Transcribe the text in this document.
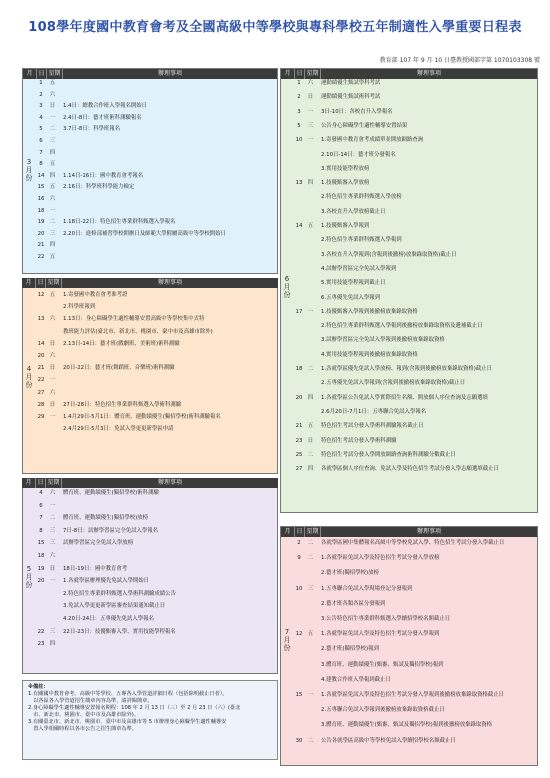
108學年度國中教育會考及全國高級中等學校與專科學校五年制適性入學重要日程表
教育部 107 年 9 月 10 日臺教授國部字第 1070103308 號
月 日 星期	辦理事項	月 日 星期	辦理事項
月 日 星期	辦理事項
月 日 星期	辦理事項
月 日 星期	辦理事項
3月份
4月份
5月份
6月份
7月份
1	五
2	六
3	日	1.4日：總教合作班入學報名開始日
4	一	2.4日-8日：藝才班術科測驗報名
5	二	3.7日-8日：科學班報名
6	三
7	四
8	五
14 四	1.14日-16日：國中教育會考報名
15 五	2.16日：科學班科學能力檢定
16 六
18 一
19 二	1.18日-22日：特色招生專業群科甄選入學報名
20 三	2.20日：進修部補習學校開辦日及師範大學附屬高級中等學校開始日
21 四
22 五
12 五	1.寄發國中教育會考准考證
2.科學班報到
13 六	1.13日：身心障礙學生適性輔導安置高級中等學校集中式特
教班能力評估(臺北市、新北市、桃園市、臺中市及高雄市除外)
14 日	2.13日-14日：藝才班(戲劇班、美術班)術科測驗
20 六
21 日	20日-22日：藝才班(舞蹈班、音樂班)術科測驗
22 一
27 六
28 日	27日-28日：特色招生專業群科甄選入學術科測驗
29 一	1.4月29日-5月1日：體育班、運動績優生(獨招學校)術科測驗報名
2.4月29日-5月3日：免試入學更更新學區申請
4	六	體育班、運動績優生(獨招學校)術科測驗
6	一
7	二	體育班、運動績優生(獨招學校)放榜
8	三	7日-8日：試辦學習區完全免試入學報名
15 三	試辦學習區完全免試入學放榜
18 六
19 日	18日-19日：國中教育會考
20 一	1.各就學區辦理優先免試入學開始日
2.特色招生專業群科甄選入學術科測驗成績公告
3.免試入學更更新學區審查結果通知截止日
4.20日-24日：五專優先免試入學報名
22 三	22日-23日：技優甄審入學、實用技能學程報名
23 四
1	六	運動績優生甄試學科考試
2	日	運動績優生甄試術科考試
3	一	3日-10日：各校直升入學報名
5	三	公告身心障礙學生適性輔導安置結果
10 一	1.寄發國中教育會考成績單並開放網路查詢
2.10日-14日：藝才班分發報名
3.實用技能學程放榜
13 四	1.技優甄審入學放榜
2.特色招生專業群科甄選入學放榜
3.各校直升入學放榜截止日
14 五	1.技優甄審入學報到
2.特色招生專業群科甄選入學報到
3.各校直升入學報到(含報到後撤榜)放棄錄取資格)截止日
4.試辦學習區完全免試入學報到
5.實用技能學程報到截止日
6.五專優先免試入學報到
17 一	1.技優甄審入學報到後撤榜放棄錄取資格
2.特色招生專業群科甄選入學報到後撤榜放棄錄取資格及遞補截止日
3.試辦學習區完全免試入學報到後撤榜放棄錄取資格
4.實用技能學程報到後撤榜放棄錄取資格
18 二	1.各就學區優先免試入學放榜、報到(含報到後撤榜放棄錄取資格)截止日
2.五專優先免試入學報到(含報到後撤榜放棄錄取資格)截止日
20 四	1.各就學區公告免試入學實際招生名額、開放個人序位查詢及志願選填
2.6月20日-7月1日：五專聯合免試入學報名
21 五	特色招生考試分發入學術科測驗報名截止日
23 日	特色招生考試分發入學術科測驗
25 二	特色招生考試分發入學開放網路查詢術科測驗分數截止日
27 四	各就學區個人序位查詢、免試入學及特色招生考試分發入學志願選填截止日
2	二	各就學區國中集體報名高級中等學校免試入學、特色招生考試分發入學截止日
9	二	1.各就學區免試入學及特色招生考試分發入學放榜
2.藝才班(獨招學校)放榜
10 三	1.五專聯合免試入學現場登記分發報到
2.藝才班各類各區分發報到
3.公告特色招生專業群科甄選入學續招學校名額截止日
12 五	1.各就學區免試入學及特色招生考試分發入學報到
2.藝才班(獨招學校)報到
3.體育班、運動績優生(甄審、甄試及獨招學校)報到
4.建教合作班入學報到截止日
15 一	1.各就學區免試入學及特色招生考試分發入學報到後撤榜放棄錄取資格截止日
2.五專聯合免試入學報到後撤榜放棄錄取資格截止日
3.體育班、運動績優生(甄審、甄試及獨招學校)報到後撤榜放棄錄取資格
30 二	公告各就學區高級中等學校免試入學續招學校名額截止日
※備註：
1.有關國中教育會考、高級中等學校、五專各入學管道詳細日程（包括除明截止日者），
　以各區各入學管道招生簡章內容為準，請詳閱簡章。
2.身心障礙學生適性輔導安置報名期程：108 年 2 月 13 日（三）至 2 月 23 日（六）(臺北
　市、新北市、桃園市、臺中市及高雄市除外)。
3.有關臺北市、新北市、桃園市、臺中市及高雄市等 5 市辦理身心障礙學生適性輔導安
　置入學相關時程以各市公告之招生簡章為準。
